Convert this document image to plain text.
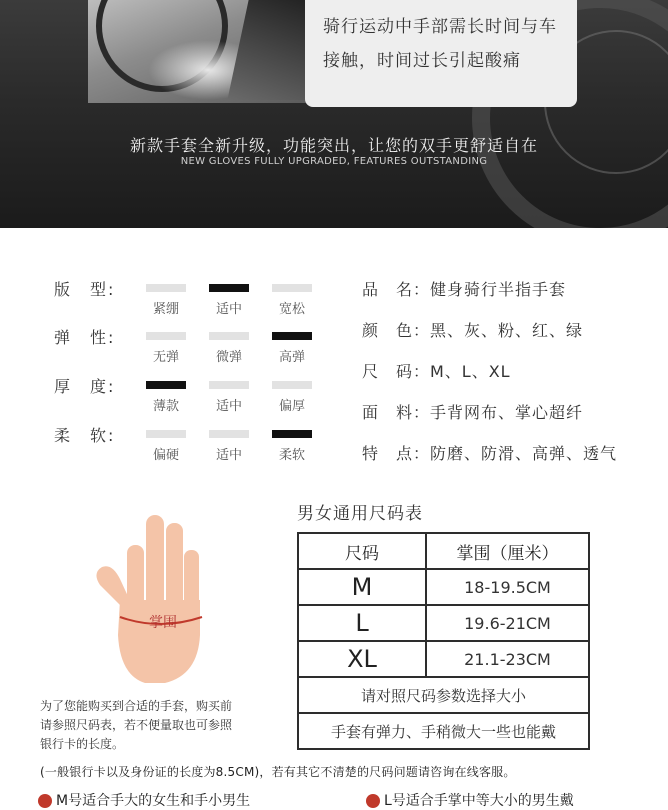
骑行运动中手部需长时间与车

接触，时间过长引起酸痛

新款手套全新升级，功能突出，让您的双手更舒适自在
NEW GLOVES FULLY UPGRADED, FEATURES OUTSTANDING
版　型:
紧绷	适中	宽松
弹　性:
无弹	微弹	高弹
厚　度:
薄款	适中	偏厚
柔　软:
偏硬	适中	柔软
品　名：健身骑行半指手套
颜　色：黑、灰、粉、红、绿
尺　码：M、L、XL
面　料：手背网布、掌心超纤
特　点：防磨、防滑、高弹、透气
掌围
男女通用尺码表
尺码	掌围（厘米）
M	18-19.5CM
L	19.6-21CM
XL	21.1-23CM
请对照尺码参数选择大小	
手套有弹力、手稍微大一些也能戴	
为了您能购买到合适的手套，购买前
请参照尺码表，若不便量取也可参照
银行卡的长度。
(一般银行卡以及身份证的长度为8.5CM)，若有其它不清楚的尺码问题请咨询在线客服。
M号适合手大的女生和手小男生	L号适合手掌中等大小的男生戴
